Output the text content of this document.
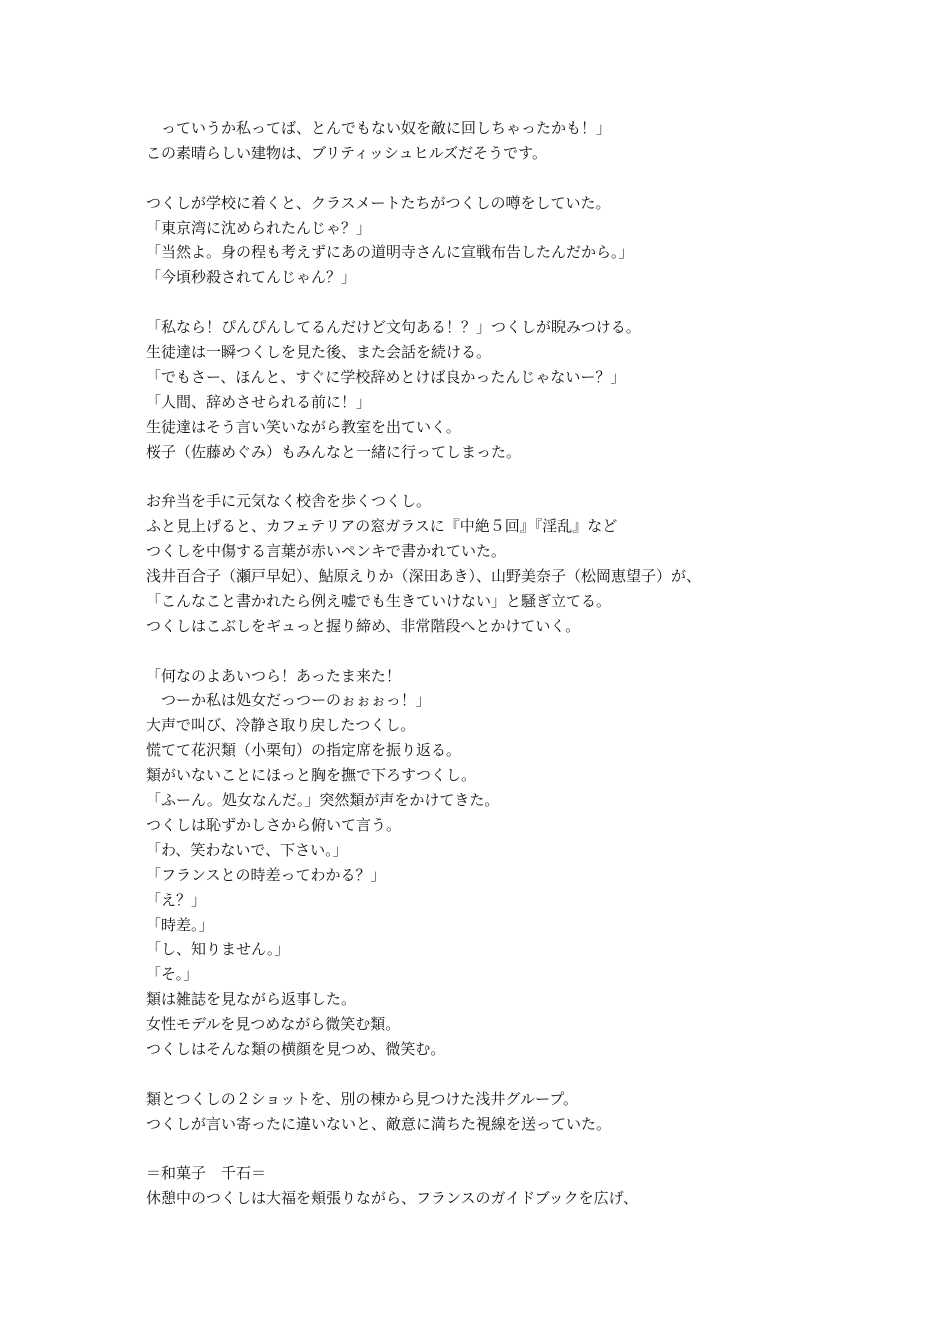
　っていうか私ってば、とんでもない奴を敵に回しちゃったかも！」
この素晴らしい建物は、ブリティッシュヒルズだそうです。
つくしが学校に着くと、クラスメートたちがつくしの噂をしていた。
「東京湾に沈められたんじゃ？」
「当然よ。身の程も考えずにあの道明寺さんに宣戦布告したんだから。」
「今頃秒殺されてんじゃん？」
「私なら！ぴんぴんしてるんだけど文句ある！？」つくしが睨みつける。
生徒達は一瞬つくしを見た後、また会話を続ける。
「でもさー、ほんと、すぐに学校辞めとけば良かったんじゃないー？」
「人間、辞めさせられる前に！」
生徒達はそう言い笑いながら教室を出ていく。
桜子（佐藤めぐみ）もみんなと一緒に行ってしまった。
お弁当を手に元気なく校舎を歩くつくし。
ふと見上げると、カフェテリアの窓ガラスに『中絶５回』『淫乱』など
つくしを中傷する言葉が赤いペンキで書かれていた。
浅井百合子（瀬戸早妃）、鮎原えりか（深田あき）、山野美奈子（松岡恵望子）が、
「こんなこと書かれたら例え嘘でも生きていけない」と騒ぎ立てる。
つくしはこぶしをギュっと握り締め、非常階段へとかけていく。
「何なのよあいつら！あったま来た！
　つーか私は処女だっつーのぉぉぉっ！」
大声で叫び、冷静さ取り戻したつくし。
慌てて花沢類（小栗旬）の指定席を振り返る。
類がいないことにほっと胸を撫で下ろすつくし。
「ふーん。処女なんだ。」突然類が声をかけてきた。
つくしは恥ずかしさから俯いて言う。
「わ、笑わないで、下さい。」
「フランスとの時差ってわかる？」
「え？」
「時差。」
「し、知りません。」
「そ。」
類は雑誌を見ながら返事した。
女性モデルを見つめながら微笑む類。
つくしはそんな類の横顔を見つめ、微笑む。
類とつくしの２ショットを、別の棟から見つけた浅井グループ。
つくしが言い寄ったに違いないと、敵意に満ちた視線を送っていた。
＝和菓子　千石＝
休憩中のつくしは大福を頬張りながら、フランスのガイドブックを広げ、
